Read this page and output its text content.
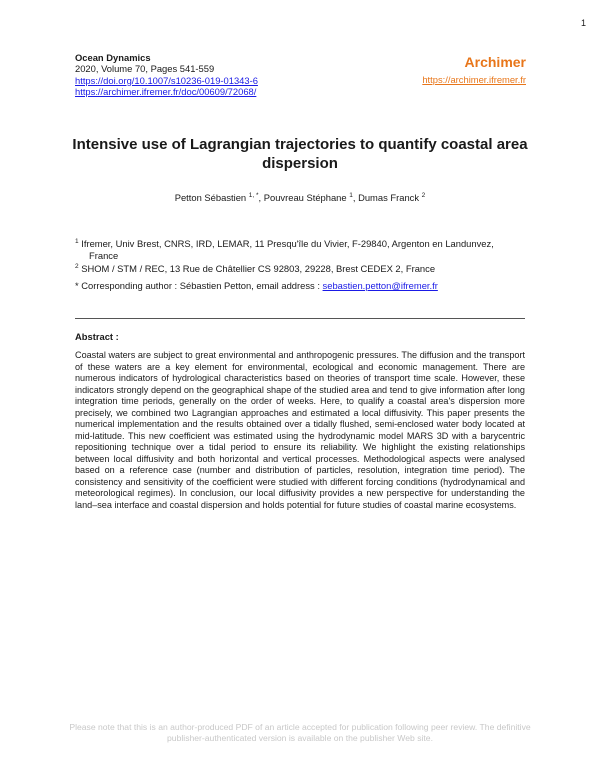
1
Ocean Dynamics
2020, Volume 70, Pages 541-559
https://doi.org/10.1007/s10236-019-01343-6
https://archimer.ifremer.fr/doc/00609/72068/
Archimer
https://archimer.ifremer.fr
Intensive use of Lagrangian trajectories to quantify coastal area dispersion
Petton Sébastien $^{1, *}$, Pouvreau Stéphane $^1$, Dumas Franck $^2$
$^1$ Ifremer, Univ Brest, CNRS, IRD, LEMAR, 11 Presqu'île du Vivier, F-29840, Argenton en Landunvez,
France
$^2$ SHOM / STM / REC, 13 Rue de Châtellier CS 92803, 29228, Brest CEDEX 2, France
* Corresponding author : Sébastien Petton, email address : sebastien.petton@ifremer.fr
Abstract :
Coastal waters are subject to great environmental and anthropogenic pressures. The diffusion and the transport of these waters are a key element for environmental, ecological and economic management. There are numerous indicators of hydrological characteristics based on theories of transport time scale. However, these indicators strongly depend on the geographical shape of the studied area and tend to give information after long integration time periods, generally on the order of weeks. Here, to qualify a coastal area's dispersion more precisely, we combined two Lagrangian approaches and estimated a local diffusivity. This paper presents the numerical implementation and the results obtained over a tidally flushed, semi-enclosed water body located at mid-latitude. This new coefficient was estimated using the hydrodynamic model MARS 3D with a barycentric repositioning technique over a tidal period to ensure its reliability. We highlight the existing relationships between local diffusivity and both horizontal and vertical processes. Methodological aspects were analysed based on a reference case (number and distribution of particles, resolution, integration time period). The consistency and sensitivity of the coefficient were studied with different forcing conditions (hydrodynamical and meteorological regimes). In conclusion, our local diffusivity provides a new perspective for understanding the land–sea interface and coastal dispersion and holds potential for future studies of coastal marine ecosystems.
Please note that this is an author-produced PDF of an article accepted for publication following peer review. The definitive
publisher-authenticated version is available on the publisher Web site.
